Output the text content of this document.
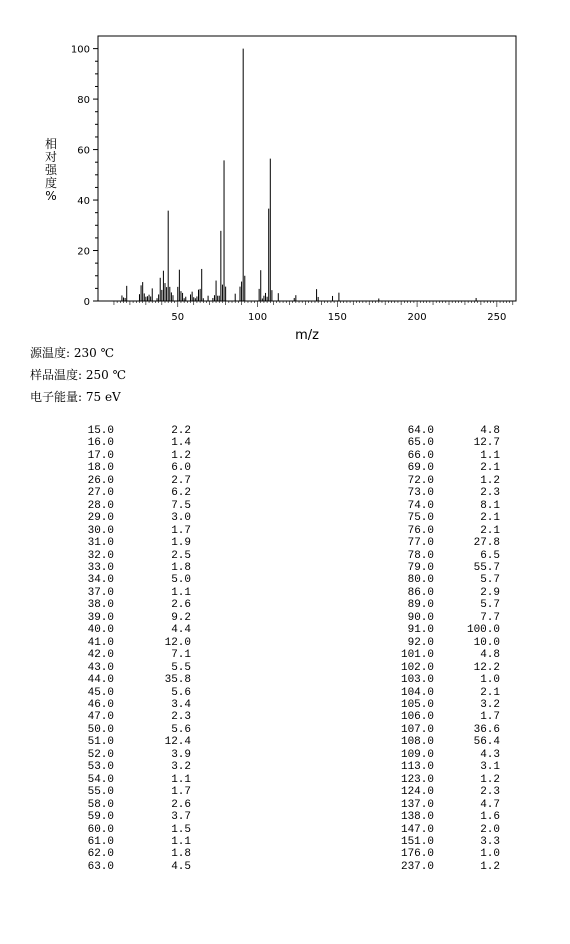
0
20
40
60
80
100
50	100	150	200	250
m/z
相对强度%
源温度: 230 ℃
样品温度: 250 ℃
电子能量: 75 eV
15.0	2.2
16.0	1.4
17.0	1.2
18.0	6.0
26.0	2.7
27.0	6.2
28.0	7.5
29.0	3.0
30.0	1.7
31.0	1.9
32.0	2.5
33.0	1.8
34.0	5.0
37.0	1.1
38.0	2.6
39.0	9.2
40.0	4.4
41.0	12.0
42.0	7.1
43.0	5.5
44.0	35.8
45.0	5.6
46.0	3.4
47.0	2.3
50.0	5.6
51.0	12.4
52.0	3.9
53.0	3.2
54.0	1.1
55.0	1.7
58.0	2.6
59.0	3.7
60.0	1.5
61.0	1.1
62.0	1.8
63.0	4.5
64.0	4.8
65.0	12.7
66.0	1.1
69.0	2.1
72.0	1.2
73.0	2.3
74.0	8.1
75.0	2.1
76.0	2.1
77.0	27.8
78.0	6.5
79.0	55.7
80.0	5.7
86.0	2.9
89.0	5.7
90.0	7.7
91.0	100.0
92.0	10.0
101.0	4.8
102.0	12.2
103.0	1.0
104.0	2.1
105.0	3.2
106.0	1.7
107.0	36.6
108.0	56.4
109.0	4.3
113.0	3.1
123.0	1.2
124.0	2.3
137.0	4.7
138.0	1.6
147.0	2.0
151.0	3.3
176.0	1.0
237.0	1.2
